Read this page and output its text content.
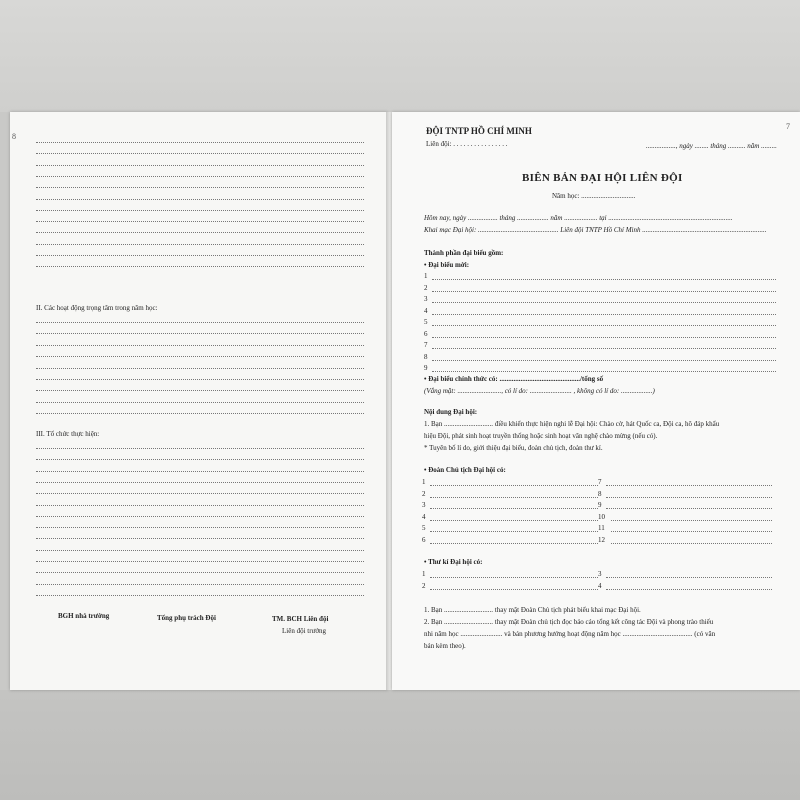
8
II. Các hoạt động trọng tâm trong năm học:
III. Tổ chức thực hiện:
BGH nhà trường	Tổng phụ trách Đội	TM. BCH Liên đội
Liên đội trưởng
7
ĐỘI TNTP HỒ CHÍ MINH
Liên đội: . . . . . . . . . . . . . . . .	................., ngày ........ tháng .......... năm .........
BIÊN BẢN ĐẠI HỘI LIÊN ĐỘI
Năm học: ...............................
Hôm nay, ngày ................. tháng .................. năm ................... tại .......................................................................
Khai mạc Đại hội: .............................................. Liên đội TNTP Hồ Chí Minh .......................................................................
Thành phần đại biểu gồm:
• Đại biểu mời:
• Đại biểu chính thức có: ............................................../tổng số
(Vắng mặt: ........................., có lí do: ........................ , không có lí do: ..................)
Nội dung Đại hội:
1. Bạn ............................ điều khiển thực hiện nghi lễ Đại hội: Chào cờ, hát Quốc ca, Đội ca, hô đáp khẩu
hiệu Đội, phát sinh hoạt truyền thống hoặc sinh hoạt văn nghệ chào mừng (nếu có).
* Tuyên bố lí do, giới thiệu đại biểu, đoàn chủ tịch, đoàn thư kí.
• Đoàn Chủ tịch Đại hội có:
• Thư kí Đại hội có:
1. Bạn ............................ thay mặt Đoàn Chủ tịch phát biểu khai mạc Đại hội.
2. Bạn ............................ thay mặt Đoàn chủ tịch đọc báo cáo tổng kết công tác Đội và phong trào thiếu
nhi năm học ........................ và bản phương hướng hoạt động năm học ........................................ (có văn
bản kèm theo).
1
2
3
4
5
6
7
8
9
1
2
3
4
5
6
7
8
9
10
11
12
1
2
3
4
